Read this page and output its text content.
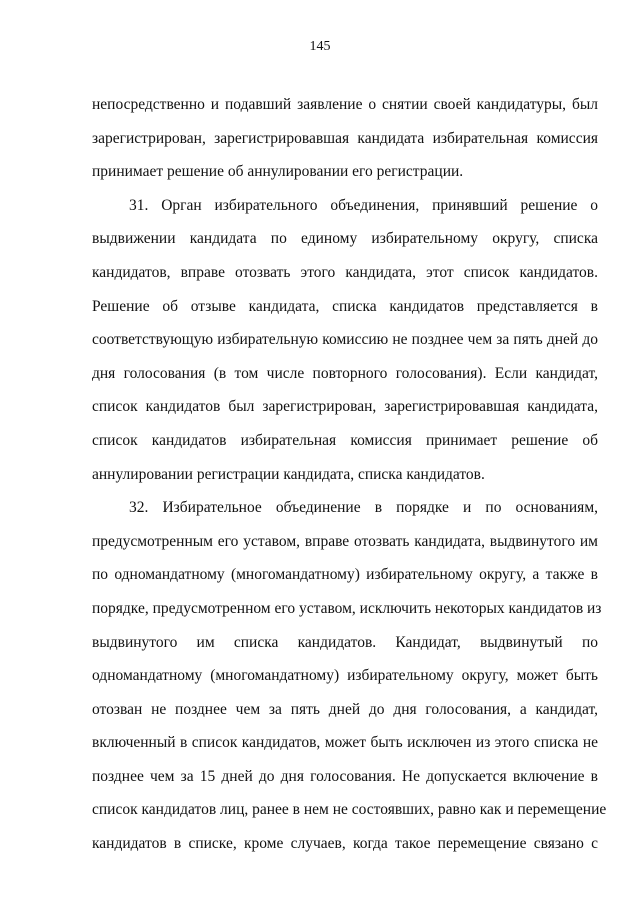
145
непосредственно и подавший заявление о снятии своей кандидатуры, был
зарегистрирован, зарегистрировавшая кандидата избирательная комиссия
принимает решение об аннулировании его регистрации.
31. Орган избирательного объединения, принявший решение о
выдвижении кандидата по единому избирательному округу, списка
кандидатов, вправе отозвать этого кандидата, этот список кандидатов.
Решение об отзыве кандидата, списка кандидатов представляется в
соответствующую избирательную комиссию не позднее чем за пять дней до
дня голосования (в том числе повторного голосования). Если кандидат,
список кандидатов был зарегистрирован, зарегистрировавшая кандидата,
список кандидатов избирательная комиссия принимает решение об
аннулировании регистрации кандидата, списка кандидатов.
32. Избирательное объединение в порядке и по основаниям,
предусмотренным его уставом, вправе отозвать кандидата, выдвинутого им
по одномандатному (многомандатному) избирательному округу, а также в
порядке, предусмотренном его уставом, исключить некоторых кандидатов из
выдвинутого им списка кандидатов. Кандидат, выдвинутый по
одномандатному (многомандатному) избирательному округу, может быть
отозван не позднее чем за пять дней до дня голосования, а кандидат,
включенный в список кандидатов, может быть исключен из этого списка не
позднее чем за 15 дней до дня голосования. Не допускается включение в
список кандидатов лиц, ранее в нем не состоявших, равно как и перемещение
кандидатов в списке, кроме случаев, когда такое перемещение связано с
